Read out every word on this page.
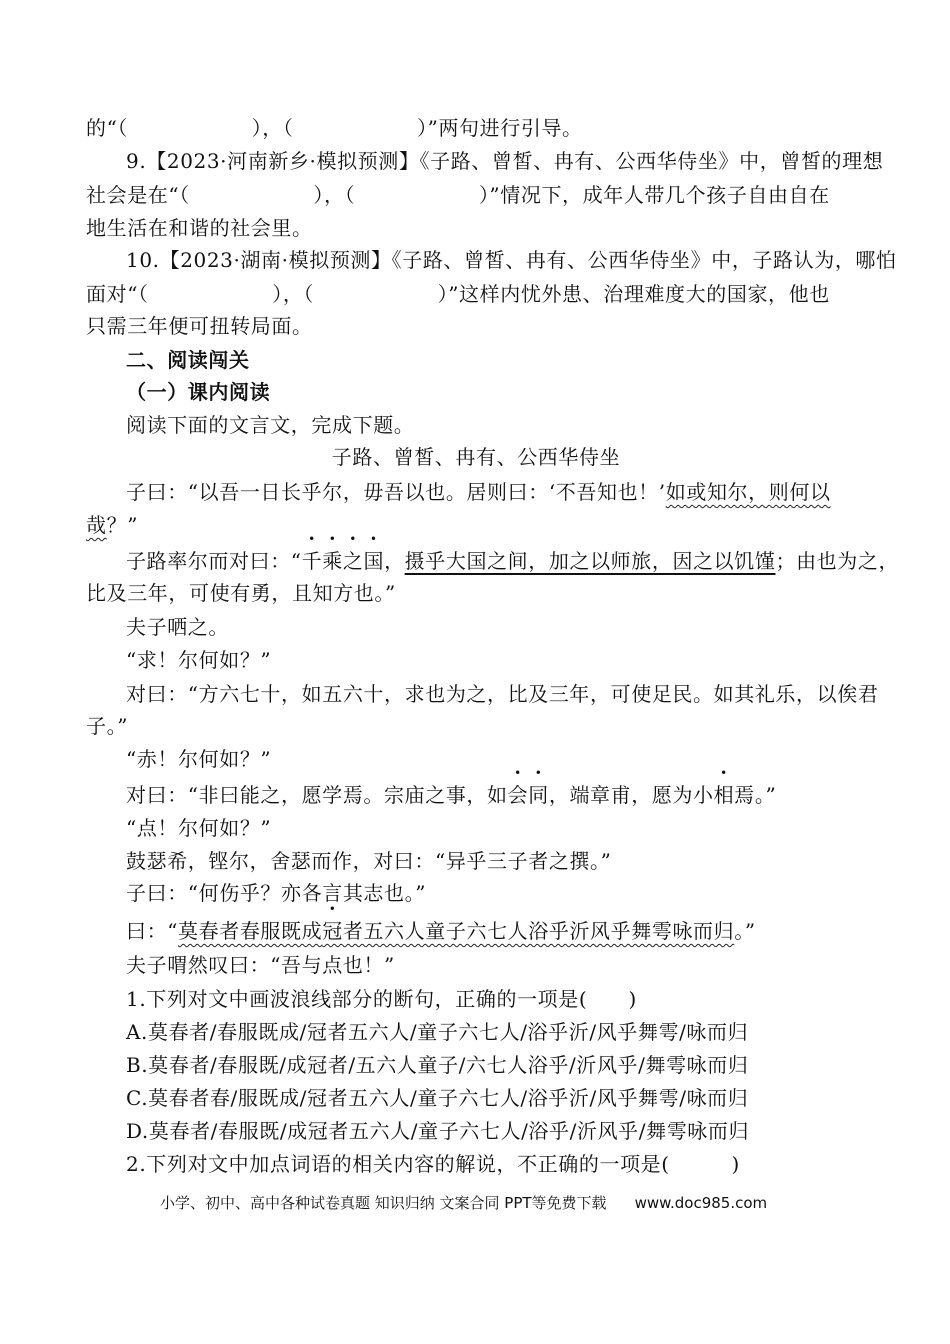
的“（　　　　　　），（　　　　　　）”两句进行引导。
9.【2023·河南新乡·模拟预测】《子路、曾皙、冉有、公西华侍坐》中，曾皙的理想
社会是在“（　　　　　　），（　　　　　　）”情况下，成年人带几个孩子自由自在
地生活在和谐的社会里。
10.【2023·湖南·模拟预测】《子路、曾皙、冉有、公西华侍坐》中，子路认为，哪怕
面对“（　　　　　　），（　　　　　　）”这样内忧外患、治理难度大的国家，他也
只需三年便可扭转局面。
二、阅读闯关
（一）课内阅读
阅读下面的文言文，完成下题。
子路、曾皙、冉有、公西华侍坐
子曰：“以吾一日长乎尔，毋吾以也。居则曰：‘不吾知也！’如或知尔，则何以
哉？”
子路率尔而对曰：“千乘之国，摄乎大国之间，加之以师旅，因之以饥馑；由也为之，
比及三年，可使有勇，且知方也。”
夫子哂之。
“求！尔何如？”
对曰：“方六七十，如五六十，求也为之，比及三年，可使足民。如其礼乐，以俟君
子。”
“赤！尔何如？”
对曰：“非曰能之，愿学焉。宗庙之事，如会同，端章甫，愿为小相焉。”
“点！尔何如？”
鼓瑟希，铿尔，舍瑟而作，对曰：“异乎三子者之撰。”
子曰：“何伤乎？亦各言其志也。”
曰：“莫春者春服既成冠者五六人童子六七人浴乎沂风乎舞雩咏而归。”
夫子喟然叹曰：“吾与点也！”
1.下列对文中画波浪线部分的断句，正确的一项是(　　)
A.莫春者/春服既成/冠者五六人/童子六七人/浴乎沂/风乎舞雩/咏而归
B.莫春者/春服既/成冠者/五六人童子/六七人浴乎/沂风乎/舞雩咏而归
C.莫春者春/服既成/冠者五六人/童子六七人/浴乎沂/风乎舞雩/咏而归
D.莫春者/春服既/成冠者五六人/童子六七人/浴乎/沂风乎/舞雩咏而归
2.下列对文中加点词语的相关内容的解说，不正确的一项是(　　　)
小学、初中、高中各种试卷真题 知识归纳 文案合同 PPT等免费下载 www.doc985.com
